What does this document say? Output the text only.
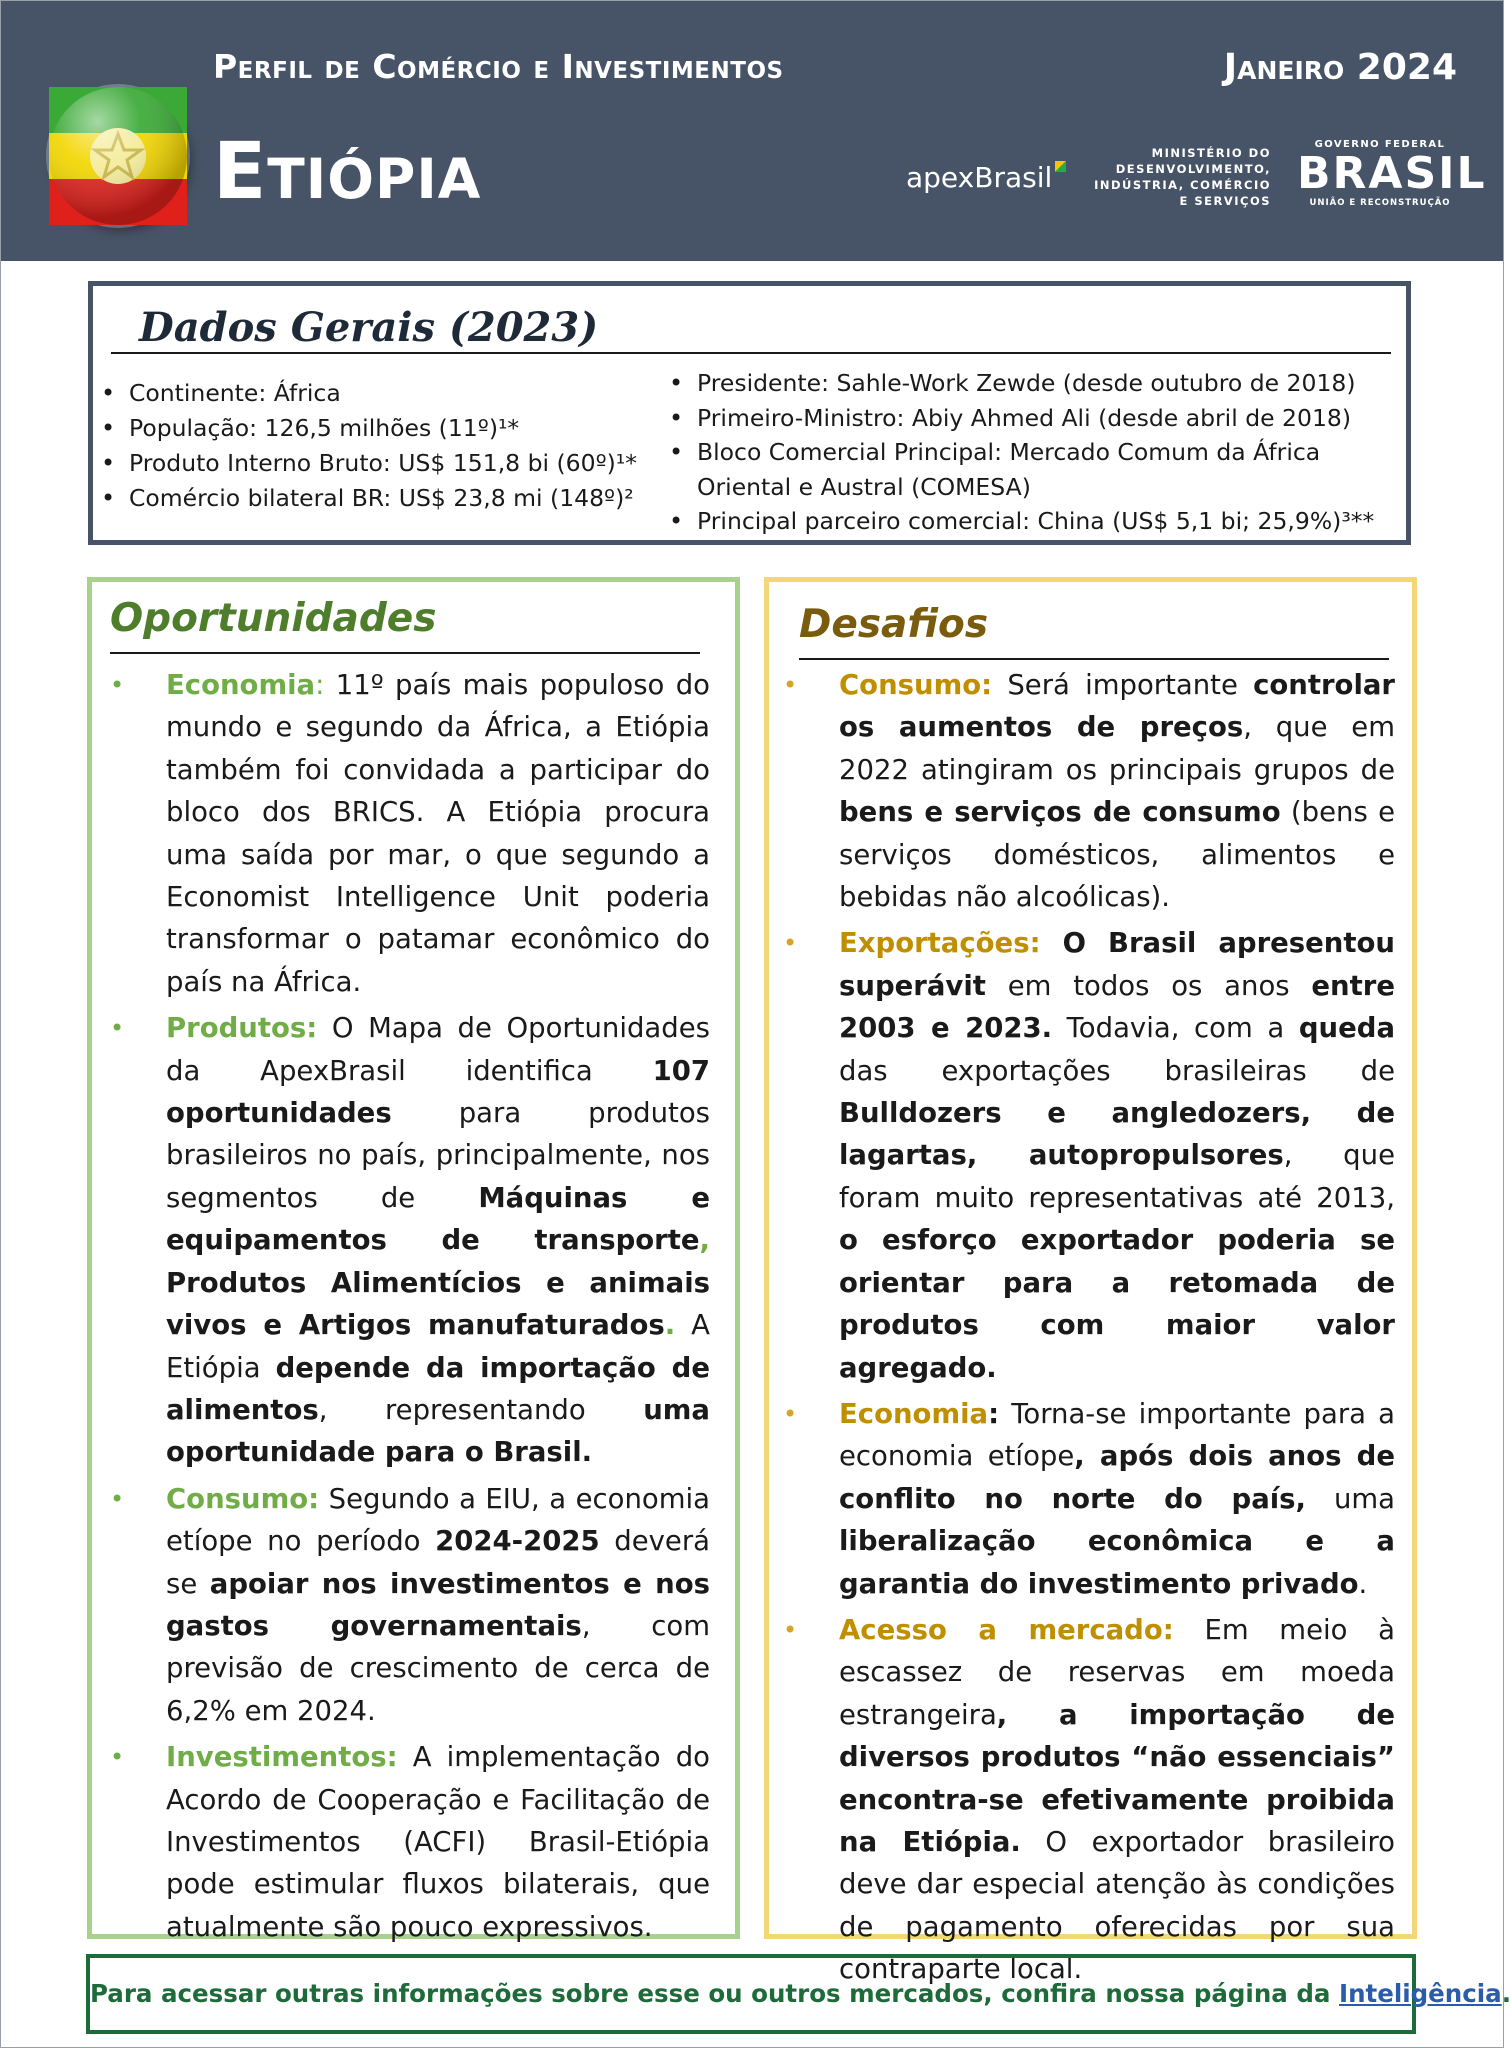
Perfil de Comércio e Investimentos	Janeiro 2024
Etiópia	apexBrasil
MINISTÉRIO DO
DESENVOLVIMENTO,
INDÚSTRIA, COMÉRCIO
E SERVIÇOS
GOVERNO FEDERAL
BRASIL
UNIÃO E RECONSTRUÇÃO
Dados Gerais (2023)
• Continente: África
• População: 126,5 milhões (11º)¹*
• Produto Interno Bruto: US$ 151,8 bi (60º)¹*
• Comércio bilateral BR: US$ 23,8 mi (148º)²
• Presidente: Sahle-Work Zewde (desde outubro de 2018)
• Primeiro-Ministro: Abiy Ahmed Ali (desde abril de 2018)
• Bloco Comercial Principal: Mercado Comum da África Oriental e Austral (COMESA)
• Principal parceiro comercial: China (US$ 5,1 bi; 25,9%)³**
Oportunidades
• Economia: 11º país mais populoso do mundo e segundo da África, a Etiópia também foi convidada a participar do bloco dos BRICS. A Etiópia procura uma saída por mar, o que segundo a Economist Intelligence Unit poderia transformar o patamar econômico do país na África.
• Produtos: O Mapa de Oportunidades da ApexBrasil identifica 107 oportunidades para produtos brasileiros no país, principalmente, nos segmentos de Máquinas e equipamentos de transporte, Produtos Alimentícios e animais vivos e Artigos manufaturados. A Etiópia depende da importação de alimentos, representando uma oportunidade para o Brasil.
• Consumo: Segundo a EIU, a economia etíope no período 2024-2025 deverá se apoiar nos investimentos e nos gastos governamentais, com previsão de crescimento de cerca de 6,2% em 2024.
• Investimentos: A implementação do Acordo de Cooperação e Facilitação de Investimentos (ACFI) Brasil-Etiópia pode estimular fluxos bilaterais, que atualmente são pouco expressivos.
Desafios
• Consumo: Será importante controlar os aumentos de preços, que em 2022 atingiram os principais grupos de bens e serviços de consumo (bens e serviços domésticos, alimentos e bebidas não alcoólicas).
• Exportações: O Brasil apresentou superávit em todos os anos entre 2003 e 2023. Todavia, com a queda das exportações brasileiras de Bulldozers e angledozers, de lagartas, autopropulsores, que foram muito representativas até 2013, o esforço exportador poderia se orientar para a retomada de produtos com maior valor agregado.
• Economia: Torna-se importante para a economia etíope, após dois anos de conflito no norte do país, uma liberalização econômica e a garantia do investimento privado.
• Acesso a mercado: Em meio à escassez de reservas em moeda estrangeira, a importação de diversos produtos “não essenciais” encontra-se efetivamente proibida na Etiópia. O exportador brasileiro deve dar especial atenção às condições de pagamento oferecidas por sua contraparte local.
Para acessar outras informações sobre esse ou outros mercados, confira nossa página da Inteligência.
